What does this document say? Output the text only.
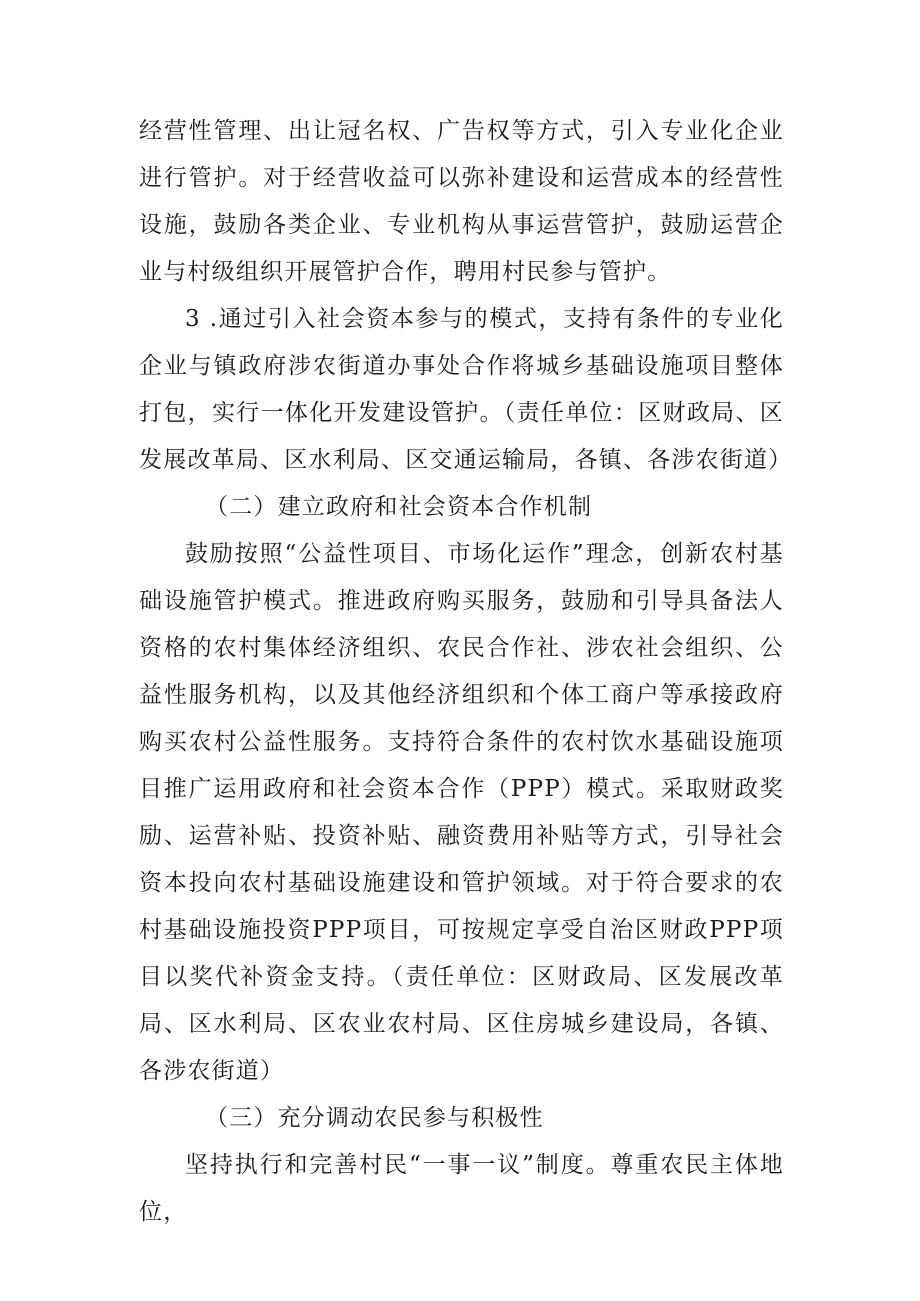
经营性管理、出让冠名权、广告权等方式，引入专业化企业进行管护。对于经营收益可以弥补建设和运营成本的经营性设施，鼓励各类企业、专业机构从事运营管护，鼓励运营企业与村级组织开展管护合作，聘用村民参与管护。

3 .通过引入社会资本参与的模式，支持有条件的专业化企业与镇政府涉农街道办事处合作将城乡基础设施项目整体打包，实行一体化开发建设管护。（责任单位：区财政局、区发展改革局、区水利局、区交通运输局，各镇、各涉农街道）

（二）建立政府和社会资本合作机制

鼓励按照“公益性项目、市场化运作”理念，创新农村基础设施管护模式。推进政府购买服务，鼓励和引导具备法人资格的农村集体经济组织、农民合作社、涉农社会组织、公益性服务机构，以及其他经济组织和个体工商户等承接政府购买农村公益性服务。支持符合条件的农村饮水基础设施项目推广运用政府和社会资本合作（PPP）模式。采取财政奖励、运营补贴、投资补贴、融资费用补贴等方式，引导社会资本投向农村基础设施建设和管护领域。对于符合要求的农村基础设施投资PPP项目，可按规定享受自治区财政PPP项目以奖代补资金支持。（责任单位：区财政局、区发展改革局、区水利局、区农业农村局、区住房城乡建设局，各镇、各涉农街道）

（三）充分调动农民参与积极性

坚持执行和完善村民“一事一议”制度。尊重农民主体地位，
